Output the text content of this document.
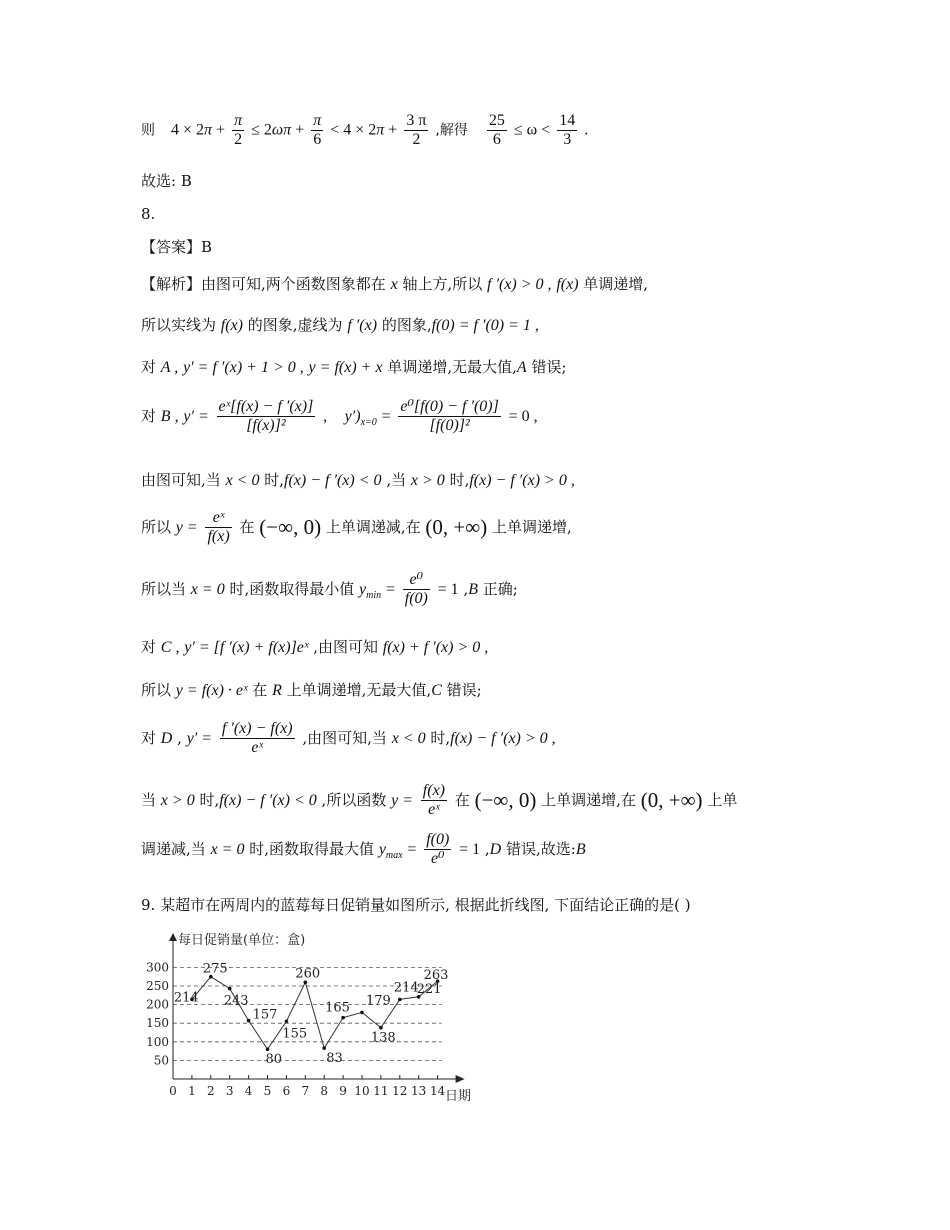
则 $4 \times 2\pi + \frac{\pi}{2} \le 2\omega\pi + \frac{\pi}{6} < 4 \times 2\pi + \frac{3 \pi}{2}$ ,解得 $\frac{25}{6} \le \omega < \frac{14}{3}$ .
故选: B
8.
【答案】B
【解析】由图可知,两个函数图象都在 x 轴上方,所以 f ′(x) > 0 , f(x) 单调递增,
所以实线为 f(x) 的图象,虚线为 f ′(x) 的图象,f(0) = f ′(0) = 1 ,
对 A , y′ = f ′(x) + 1 > 0 , y = f(x) + x 单调递增,无最大值,A 错误;
对 B , $y' = \frac{\text{eˣ[f(x) − f ′(x)]}}{\text{[f(x)]²}}$ , $y')_{x=0} = \frac{\text{e⁰[f(0) − f ′(0)]}}{\text{[f(0)]²}} = 0$ ,
由图可知,当 x < 0 时,f(x) − f ′(x) < 0 ,当 x > 0 时,f(x) − f ′(x) > 0 ,
所以 $y = \frac{\text{eˣ}}{f(x)}$ 在 (−∞, 0) 上单调递减,在 (0, +∞) 上单调递增,
所以当 x = 0 时,函数取得最小值 $y_{min} = \frac{\text{e⁰}}{f(0)} = 1$ ,B 正确;
对 C , y′ = [f ′(x) + f(x)]eˣ ,由图可知 f(x) + f ′(x) > 0 ,
所以 y = f(x) · eˣ 在 R 上单调递增,无最大值,C 错误;
对 D , $y' = \frac{f '(x) - f(x)}{\text{eˣ}}$ ,由图可知,当 x < 0 时,f(x) − f ′(x) > 0 ,
当 x > 0 时,f(x) − f ′(x) < 0 ,所以函数 $y = \frac{f(x)}{\text{eˣ}}$ 在 (−∞, 0) 上单调递增,在 (0, +∞) 上单
调递减,当 x = 0 时,函数取得最大值 $y_{max} = \frac{f(0)}{\text{e⁰}} = 1$ ,D 错误,故选:B
9. 某超市在两周内的蓝莓每日促销量如图所示, 根据此折线图, 下面结论正确的是( )
50
100
150
200
250
300
0 1 2 3 4 5 6 7 8 9 10 11 12 13 14
214
275
243
157
80
155
260
83
165 179
138
214
221
263
每日促销量(单位：盒)
日期
